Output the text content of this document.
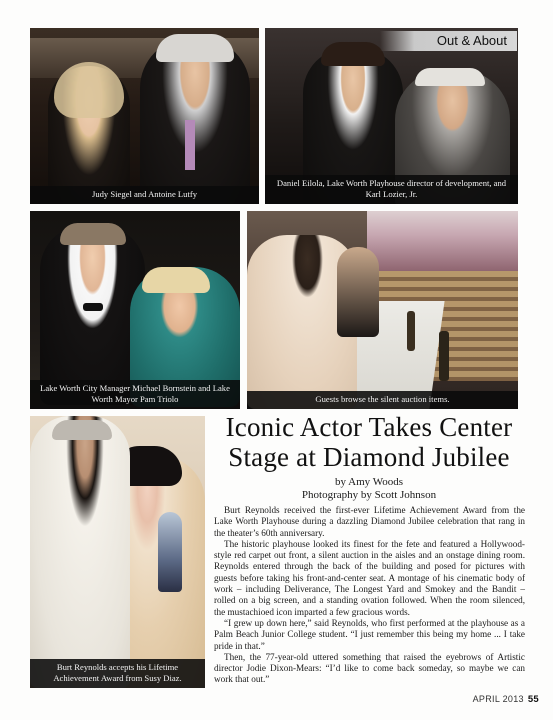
Judy Siegel and Antoine Lutfy
Daniel Eilola, Lake Worth Playhouse director of development, and Karl Lozier, Jr.
Out & About
Lake Worth City Manager Michael Bornstein and Lake Worth Mayor Pam Triolo	Guests browse the silent auction items.
Burt Reynolds accepts his Lifetime Achievement Award from Susy Diaz.
Iconic Actor Takes Center Stage at Diamond Jubilee
by Amy Woods
Photography by Scott Johnson

Burt Reynolds received the first-ever Lifetime Achievement Award from the Lake Worth Playhouse during a dazzling Diamond Jubilee celebration that rang in the theater’s 60th anniversary.

The historic playhouse looked its finest for the fete and featured a Hollywood-style red carpet out front, a silent auction in the aisles and an onstage dining room. Reynolds entered through the back of the building and posed for pictures with guests before taking his front-and-center seat. A montage of his cinematic body of work – including Deliverance, The Longest Yard and Smokey and the Bandit – rolled on a big screen, and a standing ovation followed. When the room silenced, the mustachioed icon imparted a few gracious words.

“I grew up down here,” said Reynolds, who first performed at the playhouse as a Palm Beach Junior College student. “I just remember this being my home ... I take pride in that.”

Then, the 77-year-old uttered something that raised the eyebrows of Artistic director Jodie Dixon-Mears: “I’d like to come back someday, so maybe we can work that out.”

APRIL 2013 55
